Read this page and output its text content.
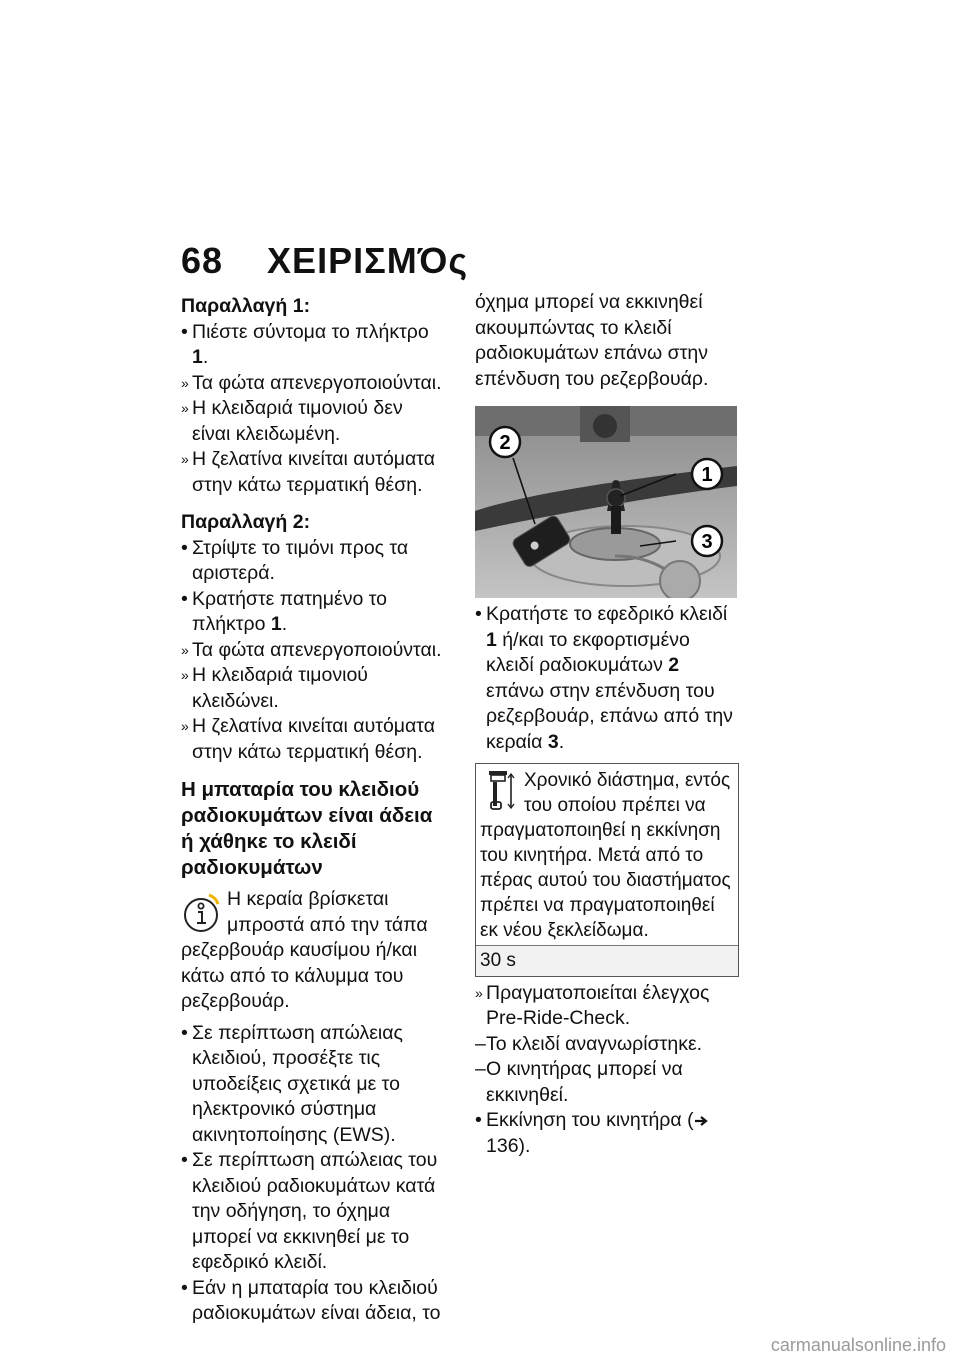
68 ΧΕΙΡΙΣΜΌς

Παραλλαγή 1:

• Πιέστε σύντομα το πλήκτρο 1.
» Τα φώτα απενεργοποιούνται.
» Η κλειδαριά τιμονιού δεν είναι κλειδωμένη.
» Η ζελατίνα κινείται αυτόματα στην κάτω τερματική θέση.

Παραλλαγή 2:

• Στρίψτε το τιμόνι προς τα αριστερά.
• Κρατήστε πατημένο το πλήκτρο 1.
» Τα φώτα απενεργοποιούνται.
» Η κλειδαριά τιμονιού κλειδώνει.
» Η ζελατίνα κινείται αυτόματα στην κάτω τερματική θέση.

Η μπαταρία του κλειδιού ραδιοκυμάτων είναι άδεια ή χάθηκε το κλειδί ραδιοκυμάτων

Η κεραία βρίσκεται μπροστά από την τάπα ρεζερβουάρ καυσίμου ή/και κάτω από το κάλυμμα του ρεζερβουάρ.
• Σε περίπτωση απώλειας κλειδιού, προσέξτε τις υποδείξεις σχετικά με το ηλεκτρονικό σύστημα ακινητοποίησης (EWS).
• Σε περίπτωση απώλειας του κλειδιού ραδιοκυμάτων κατά την οδήγηση, το όχημα μπορεί να εκκινηθεί με το εφεδρικό κλειδί.
• Εάν η μπαταρία του κλειδιού ραδιοκυμάτων είναι άδεια, το

όχημα μπορεί να εκκινηθεί ακουμπώντας το κλειδί ραδιοκυμάτων επάνω στην επένδυση του ρεζερβουάρ.

2
1
3
• Κρατήστε το εφεδρικό κλειδί 1 ή/και το εκφορτισμένο κλειδί ραδιοκυμάτων 2 επάνω στην επένδυση του ρεζερβουάρ, επάνω από την κεραία 3.
Χρονικό διάστημα, εντός του οποίου πρέπει να πραγματοποιηθεί η εκκίνηση του κινητήρα. Μετά από το πέρας αυτού του διαστήματος πρέπει να πραγματοποιηθεί εκ νέου ξεκλείδωμα.
30 s
» Πραγματοποιείται έλεγχος Pre-Ride-Check.
– Το κλειδί αναγνωρίστηκε.
– Ο κινητήρας μπορεί να εκκινηθεί.
• Εκκίνηση του κινητήρα (136).
carmanualsonline.info
